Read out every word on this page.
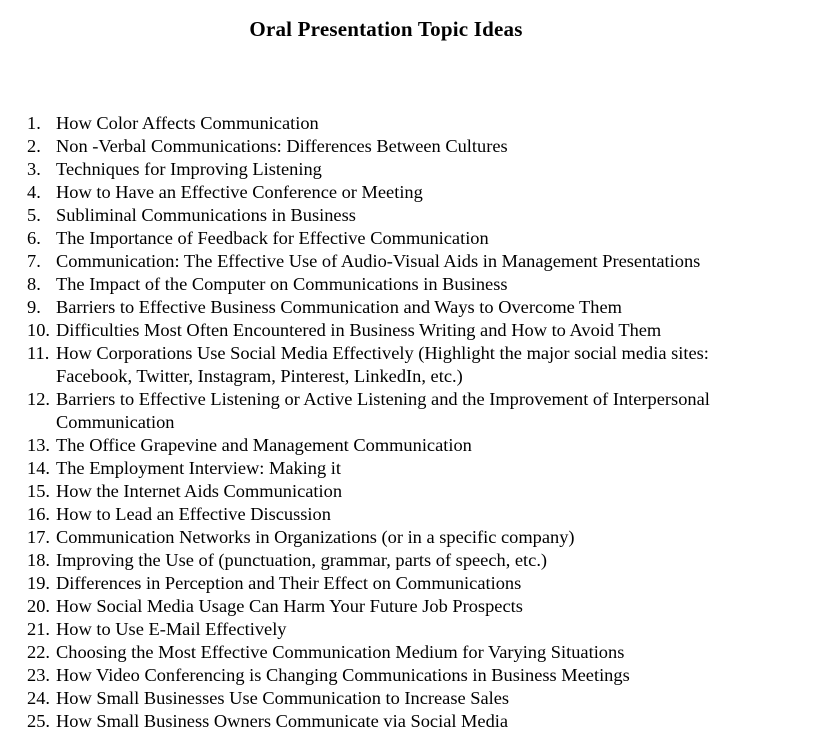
Oral Presentation Topic Ideas
1. How Color Affects Communication
2. Non -Verbal Communications: Differences Between Cultures
3. Techniques for Improving Listening
4. How to Have an Effective Conference or Meeting
5. Subliminal Communications in Business
6. The Importance of Feedback for Effective Communication
7. Communication: The Effective Use of Audio-Visual Aids in Management Presentations
8. The Impact of the Computer on Communications in Business
9. Barriers to Effective Business Communication and Ways to Overcome Them
10. Difficulties Most Often Encountered in Business Writing and How to Avoid Them
11. How Corporations Use Social Media Effectively (Highlight the major social media sites:
Facebook, Twitter, Instagram, Pinterest, LinkedIn, etc.)
12. Barriers to Effective Listening or Active Listening and the Improvement of Interpersonal
Communication
13. The Office Grapevine and Management Communication
14. The Employment Interview: Making it
15. How the Internet Aids Communication
16. How to Lead an Effective Discussion
17. Communication Networks in Organizations (or in a specific company)
18. Improving the Use of (punctuation, grammar, parts of speech, etc.)
19. Differences in Perception and Their Effect on Communications
20. How Social Media Usage Can Harm Your Future Job Prospects
21. How to Use E-Mail Effectively
22. Choosing the Most Effective Communication Medium for Varying Situations
23. How Video Conferencing is Changing Communications in Business Meetings
24. How Small Businesses Use Communication to Increase Sales
25. How Small Business Owners Communicate via Social Media
